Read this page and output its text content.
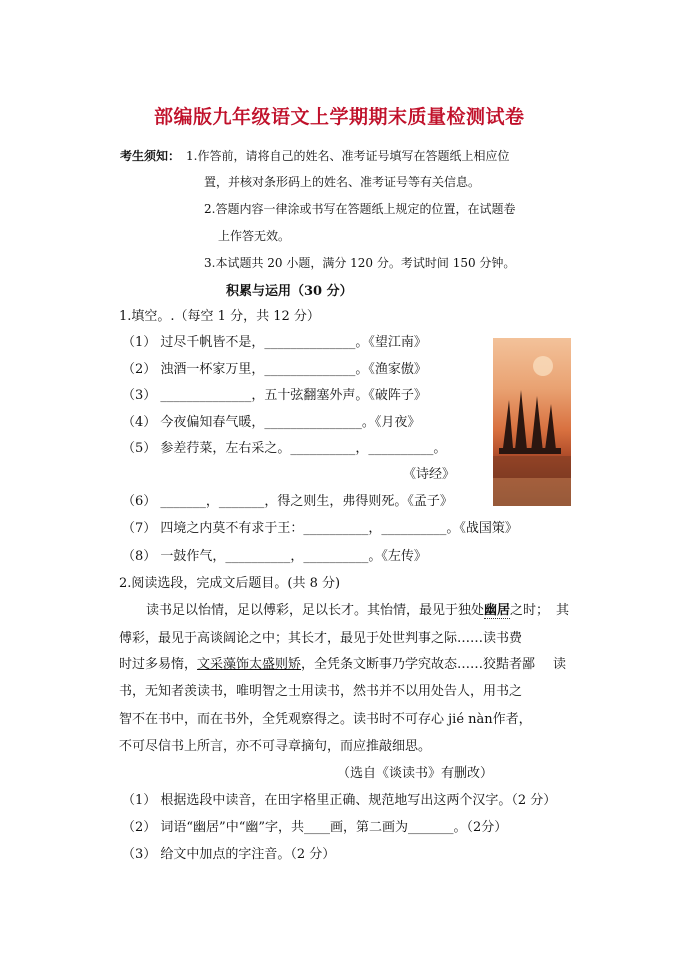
部编版九年级语文上学期期末质量检测试卷
考生须知： 1.作答前，请将自己的姓名、准考证号填写在答题纸上相应位
置，并核对条形码上的姓名、准考证号等有关信息。
2.答题内容一律涂或书写在答题纸上规定的位置，在试题卷
上作答无效。
3.本试题共 20 小题，满分 120 分。考试时间 150 分钟。
积累与运用（30 分）
1.填空。.（每空 1 分，共 12 分）
（1） 过尽千帆皆不是，______________。《望江南》
（2） 浊酒一杯家万里，______________。《渔家傲》
（3） ______________，五十弦翻塞外声。《破阵子》
（4） 今夜偏知春气暖，_______________。《月夜》
（5） 参差荇菜，左右采之。__________，__________。
《诗经》
（6） _______，_______，得之则生，弗得则死。《孟子》
（7） 四境之内莫不有求于王：__________，__________。《战国策》
（8） 一鼓作气，__________，__________。《左传》
2.阅读选段，完成文后题目。(共 8 分)
读书足以怡情，足以傅彩，足以长才。其怡情，最见于独处幽居之时； 其
傅彩，最见于高谈阔论之中；其长才，最见于处世判事之际……读书费
时过多易惰，文采藻饰太盛则矫，全凭条文断事乃学究故态……狡黠者鄙 读
书，无知者羡读书，唯明智之士用读书，然书并不以用处告人，用书之
智不在书中，而在书外，全凭观察得之。读书时不可存心 jié nàn作者，
不可尽信书上所言，亦不可寻章摘句，而应推敲细思。
（选自《谈读书》有删改）
（1） 根据选段中读音，在田字格里正确、规范地写出这两个汉字。（2 分）
（2） 词语“幽居”中“幽”字，共____画，第二画为_______。（2分）
（3） 给文中加点的字注音。（2 分）
